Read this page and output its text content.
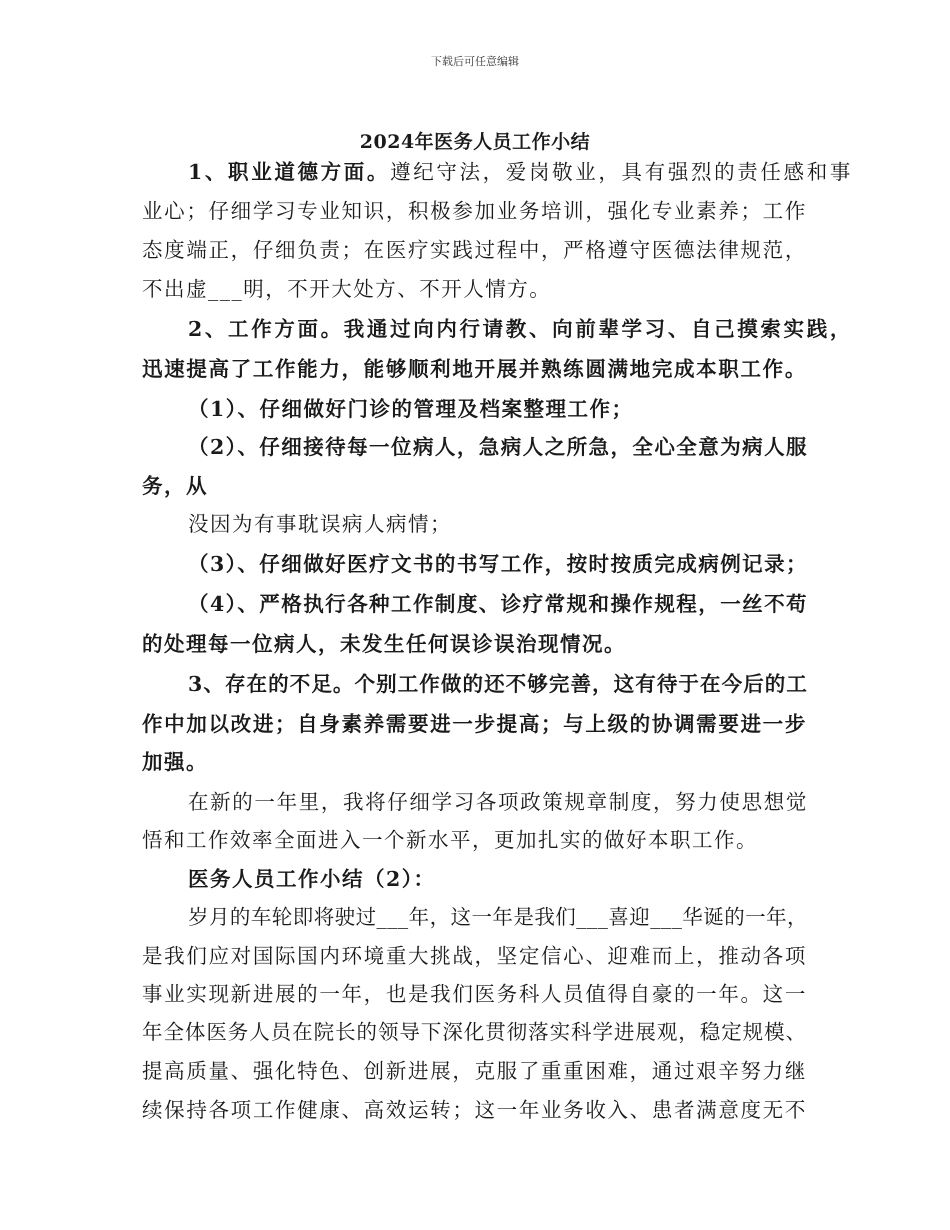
下载后可任意编辑
2024年医务人员工作小结
1、职业道德方面。遵纪守法，爱岗敬业，具有强烈的责任感和事
业心；仔细学习专业知识，积极参加业务培训，强化专业素养；工作
态度端正，仔细负责；在医疗实践过程中，严格遵守医德法律规范，
不出虚___明，不开大处方、不开人情方。
2、工作方面。我通过向内行请教、向前辈学习、自己摸索实践，
迅速提高了工作能力，能够顺利地开展并熟练圆满地完成本职工作。
（1）、仔细做好门诊的管理及档案整理工作；
（2）、仔细接待每一位病人，急病人之所急，全心全意为病人服
务，从
没因为有事耽误病人病情；
（3）、仔细做好医疗文书的书写工作，按时按质完成病例记录；
（4）、严格执行各种工作制度、诊疗常规和操作规程，一丝不苟
的处理每一位病人，未发生任何误诊误治现情况。
3、存在的不足。个别工作做的还不够完善，这有待于在今后的工
作中加以改进；自身素养需要进一步提高；与上级的协调需要进一步
加强。
在新的一年里，我将仔细学习各项政策规章制度，努力使思想觉
悟和工作效率全面进入一个新水平，更加扎实的做好本职工作。
医务人员工作小结（2）：
岁月的车轮即将驶过___年，这一年是我们___喜迎___华诞的一年，
是我们应对国际国内环境重大挑战，坚定信心、迎难而上，推动各项
事业实现新进展的一年，也是我们医务科人员值得自豪的一年。这一
年全体医务人员在院长的领导下深化贯彻落实科学进展观，稳定规模、
提高质量、强化特色、创新进展，克服了重重困难，通过艰辛努力继
续保持各项工作健康、高效运转；这一年业务收入、患者满意度无不
